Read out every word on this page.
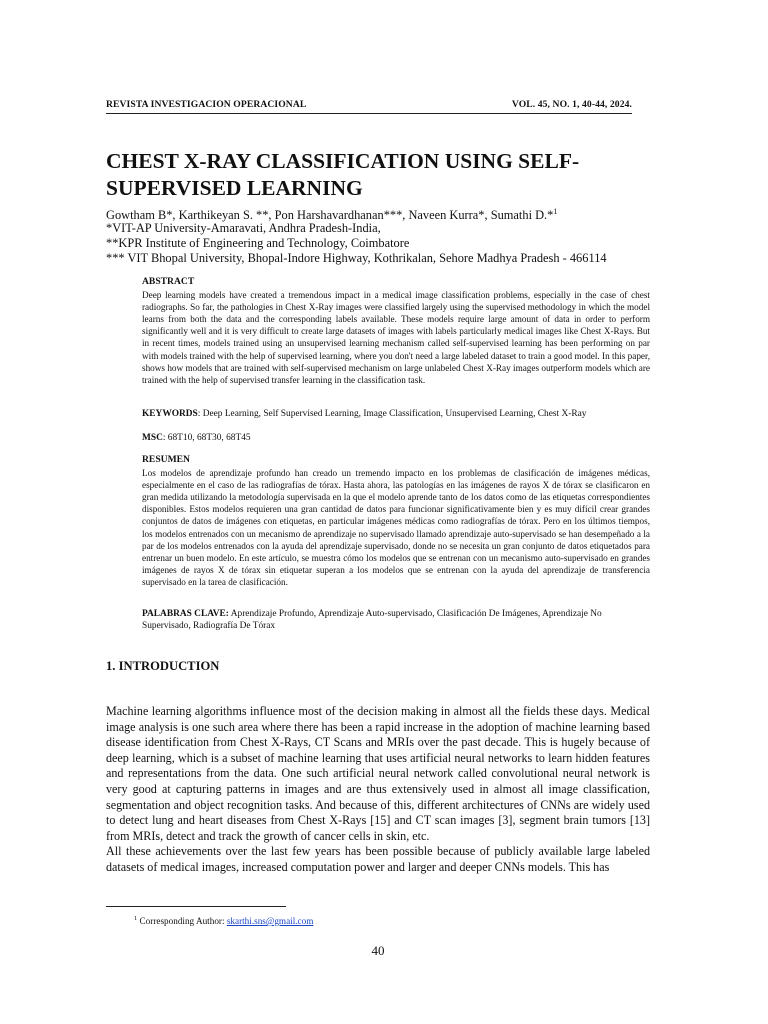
REVISTA INVESTIGACION OPERACIONAL	VOL. 45, NO. 1, 40-44, 2024.
CHEST X-RAY CLASSIFICATION USING SELF-
SUPERVISED LEARNING
Gowtham B*, Karthikeyan S. **, Pon Harshavardhanan***, Naveen Kurra*, Sumathi D.*$^1$
*VIT-AP University-Amaravati, Andhra Pradesh-India,
**KPR Institute of Engineering and Technology, Coimbatore
*** VIT Bhopal University, Bhopal-Indore Highway, Kothrikalan, Sehore Madhya Pradesh - 466114
ABSTRACT

Deep learning models have created a tremendous impact in a medical image classification problems, especially in the case of chest radiographs. So far, the pathologies in Chest X-Ray images were classified largely using the supervised methodology in which the model learns from both the data and the corresponding labels available. These models require large amount of data in order to perform significantly well and it is very difficult to create large datasets of images with labels particularly medical images like Chest X-Rays. But in recent times, models trained using an unsupervised learning mechanism called self-supervised learning has been performing on par with models trained with the help of supervised learning, where you don't need a large labeled dataset to train a good model. In this paper, shows how models that are trained with self-supervised mechanism on large unlabeled Chest X-Ray images outperform models which are trained with the help of supervised transfer learning in the classification task.

KEYWORDS: Deep Learning, Self Supervised Learning, Image Classification, Unsupervised Learning, Chest X-Ray
MSC: 68T10, 68T30, 68T45
RESUMEN

Los modelos de aprendizaje profundo han creado un tremendo impacto en los problemas de clasificación de imágenes médicas, especialmente en el caso de las radiografías de tórax. Hasta ahora, las patologías en las imágenes de rayos X de tórax se clasificaron en gran medida utilizando la metodología supervisada en la que el modelo aprende tanto de los datos como de las etiquetas correspondientes disponibles. Estos modelos requieren una gran cantidad de datos para funcionar significativamente bien y es muy difícil crear grandes conjuntos de datos de imágenes con etiquetas, en particular imágenes médicas como radiografías de tórax. Pero en los últimos tiempos, los modelos entrenados con un mecanismo de aprendizaje no supervisado llamado aprendizaje auto-supervisado se han desempeñado a la par de los modelos entrenados con la ayuda del aprendizaje supervisado, donde no se necesita un gran conjunto de datos etiquetados para entrenar un buen modelo. En este artículo, se muestra cómo los modelos que se entrenan con un mecanismo auto-supervisado en grandes imágenes de rayos X de tórax sin etiquetar superan a los modelos que se entrenan con la ayuda del aprendizaje de transferencia supervisado en la tarea de clasificación.

PALABRAS CLAVE: Aprendizaje Profundo, Aprendizaje Auto-supervisado, Clasificación De Imágenes, Aprendizaje No Supervisado, Radiografía De Tórax
1. INTRODUCTION

Machine learning algorithms influence most of the decision making in almost all the fields these days. Medical image analysis is one such area where there has been a rapid increase in the adoption of machine learning based disease identification from Chest X-Rays, CT Scans and MRIs over the past decade. This is hugely because of deep learning, which is a subset of machine learning that uses artificial neural networks to learn hidden features and representations from the data. One such artificial neural network called convolutional neural network is very good at capturing patterns in images and are thus extensively used in almost all image classification, segmentation and object recognition tasks. And because of this, different architectures of CNNs are widely used to detect lung and heart diseases from Chest X-Rays [15] and CT scan images [3], segment brain tumors [13] from MRIs, detect and track the growth of cancer cells in skin, etc.

All these achievements over the last few years has been possible because of publicly available large labeled datasets of medical images, increased computation power and larger and deeper CNNs models. This has

$^1$ Corresponding Author: skarthi.sns@gmail.com
40
